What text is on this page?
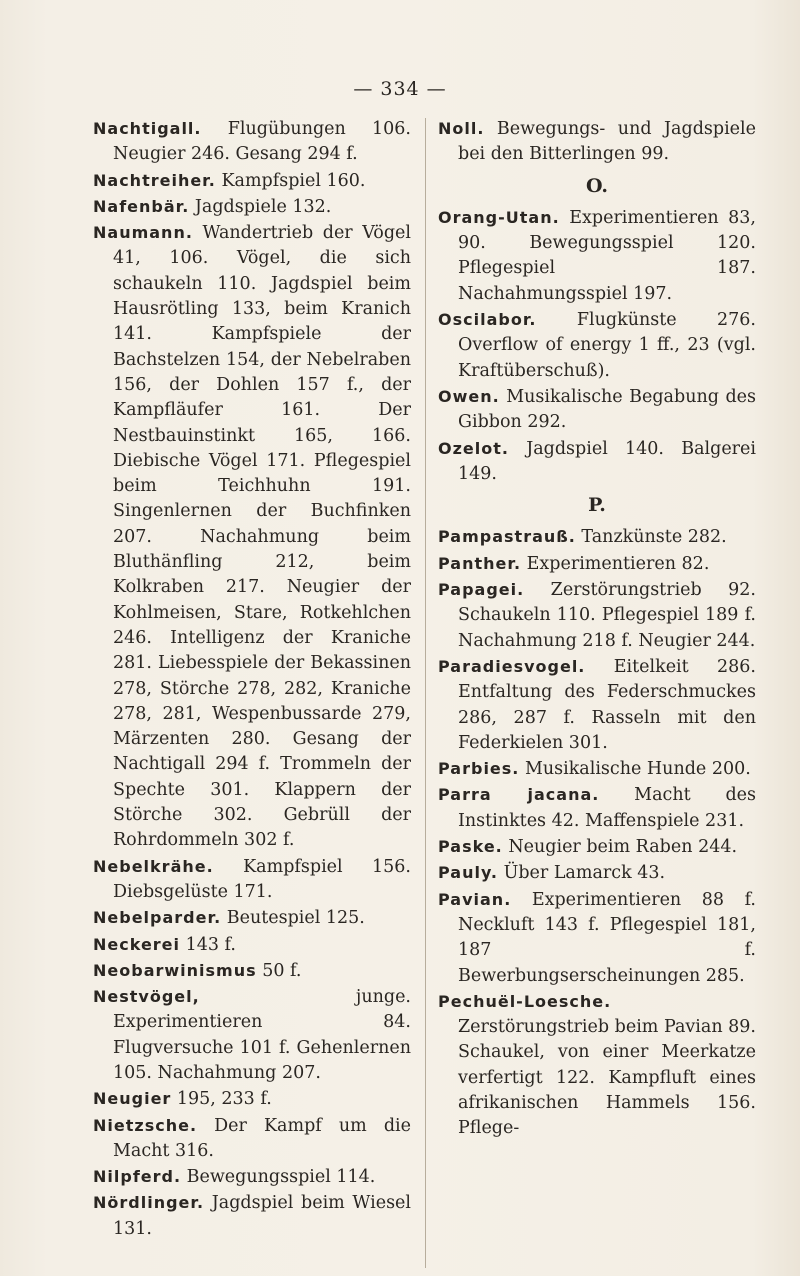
— 334 —

Nachtigall. Flugübungen 106. Neugier 246. Gesang 294 f.

Nachtreiher. Kampfspiel 160.

Nafenbär. Jagdspiele 132.

Naumann. Wandertrieb der Vögel 41, 106. Vögel, die sich schaukeln 110. Jagdspiel beim Hausrötling 133, beim Kranich 141. Kampfspiele der Bachstelzen 154, der Nebelraben 156, der Dohlen 157 f., der Kampfläufer 161. Der Nestbauinstinkt 165, 166. Diebische Vögel 171. Pflegespiel beim Teichhuhn 191. Singenlernen der Buchfinken 207. Nachahmung beim Bluthänfling 212, beim Kolkraben 217. Neugier der Kohlmeisen, Stare, Rotkehlchen 246. Intelligenz der Kraniche 281. Liebesspiele der Bekassinen 278, Störche 278, 282, Kraniche 278, 281, Wespenbussarde 279, Märzenten 280. Gesang der Nachtigall 294 f. Trommeln der Spechte 301. Klappern der Störche 302. Gebrüll der Rohrdommeln 302 f.

Nebelkrähe. Kampfspiel 156. Diebsgelüste 171.

Nebelparder. Beutespiel 125.

Neckerei 143 f.

Neobarwinismus 50 f.

Nestvögel, junge. Experimentieren 84. Flugversuche 101 f. Gehenlernen 105. Nachahmung 207.

Neugier 195, 233 f.

Nietzsche. Der Kampf um die Macht 316.

Nilpferd. Bewegungsspiel 114.

Nördlinger. Jagdspiel beim Wiesel 131.

Noll. Bewegungs- und Jagdspiele bei den Bitterlingen 99.

O.

Orang-Utan. Experimentieren 83, 90. Bewegungsspiel 120. Pflegespiel 187. Nachahmungsspiel 197.

Oscilabor. Flugkünste 276. Overflow of energy 1 ff., 23 (vgl. Kraftüberschuß).

Owen. Musikalische Begabung des Gibbon 292.

Ozelot. Jagdspiel 140. Balgerei 149.

P.

Pampastrauß. Tanzkünste 282.

Panther. Experimentieren 82.

Papagei. Zerstörungstrieb 92. Schaukeln 110. Pflegespiel 189 f. Nachahmung 218 f. Neugier 244.

Paradiesvogel. Eitelkeit 286. Entfaltung des Federschmuckes 286, 287 f. Rasseln mit den Federkielen 301.

Parbies. Musikalische Hunde 200.

Parra jacana. Macht des Instinktes 42. Maffenspiele 231.

Paske. Neugier beim Raben 244.

Pauly. Über Lamarck 43.

Pavian. Experimentieren 88 f. Neckluft 143 f. Pflegespiel 181, 187 f. Bewerbungserscheinungen 285.

Pechuël-Loesche. Zerstörungstrieb beim Pavian 89. Schaukel, von einer Meerkatze verfertigt 122. Kampfluft eines afrikanischen Hammels 156. Pflege-
